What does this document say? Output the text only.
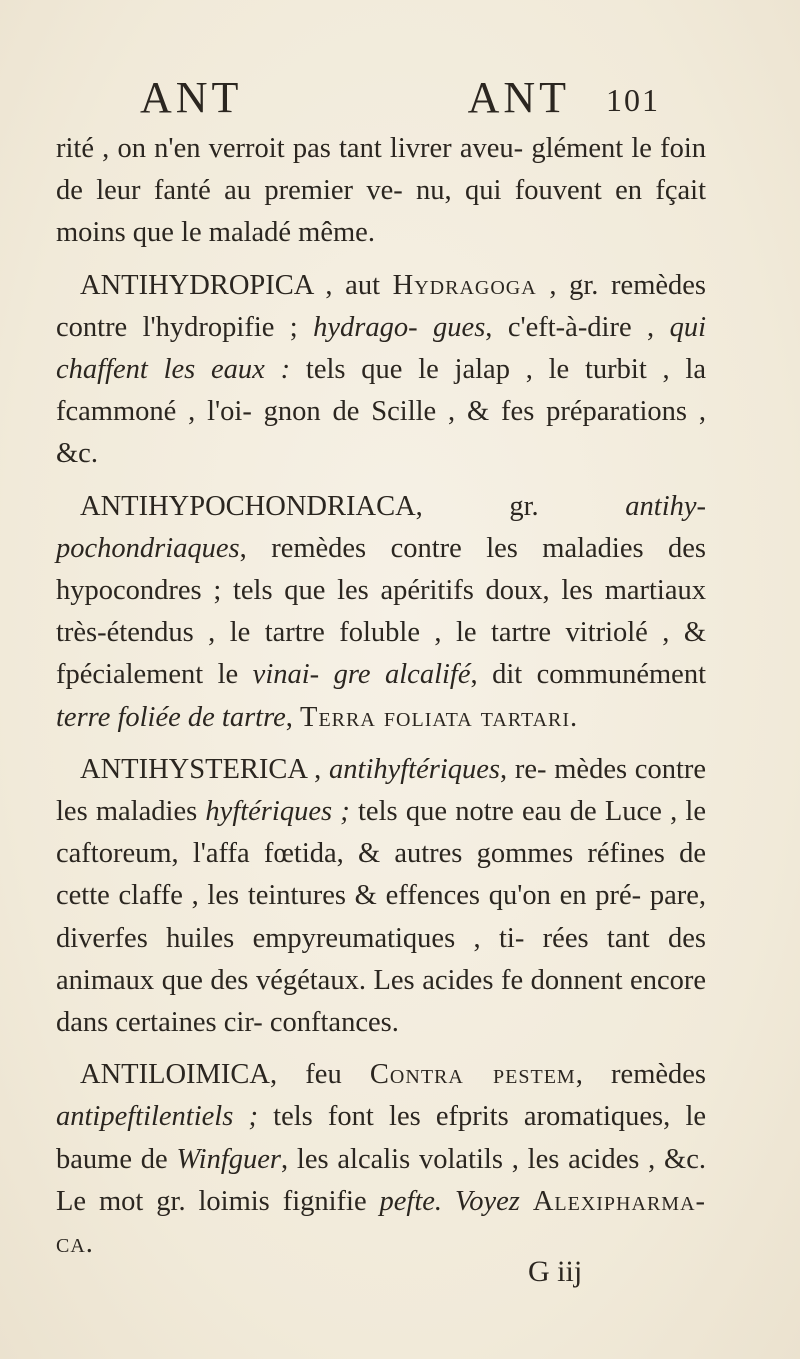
ANT	ANT 101

rité , on n'en verroit pas tant livrer aveu- glément le foin de leur fanté au premier ve- nu, qui fouvent en fçait moins que le maladé même.

ANTIHYDROPICA , aut Hydragoga , gr. remèdes contre l'hydropifie ; hydrago- gues, c'eft-à-dire , qui chaffent les eaux : tels que le jalap , le turbit , la fcammoné , l'oi- gnon de Scille , & fes préparations , &c.

ANTIHYPOCHONDRIACA, gr.	antihy- pochondriaques, remèdes contre les maladies des hypocondres ; tels que les apéritifs doux, les martiaux très-étendus , le tartre foluble , le tartre vitriolé , & fpécialement le vinai- gre alcalifé, dit communément terre foliée de tartre, Terra foliata tartari.

ANTIHYSTERICA , antihyftériques, re- mèdes contre les maladies hyftériques ; tels que notre eau de Luce , le caftoreum, l'affa fœtida, & autres gommes réfines de cette claffe , les teintures & effences qu'on en pré- pare, diverfes huiles empyreumatiques , ti- rées tant des animaux que des végétaux. Les acides fe donnent encore dans certaines cir- conftances.

ANTILOIMICA, feu Contra pestem, remèdes antipeftilentiels ; tels font les efprits aromatiques, le baume de Winfguer, les alcalis volatils , les acides , &c. Le mot gr. loimis fignifie pefte. Voyez Alexipharma- ca.

G iij
